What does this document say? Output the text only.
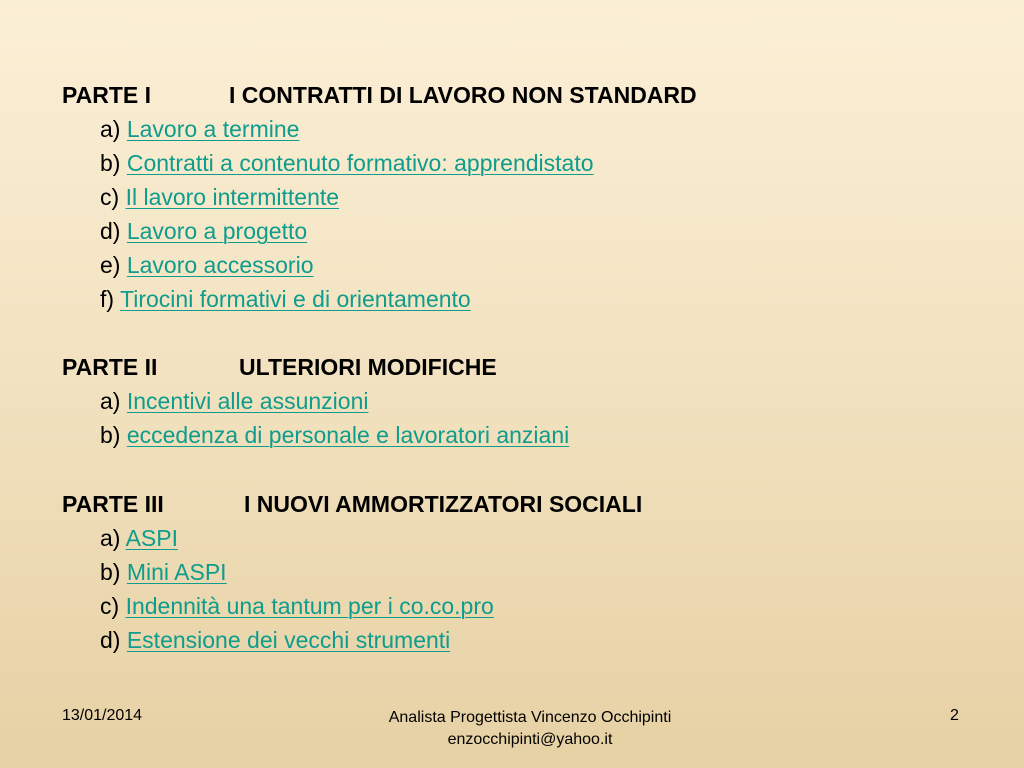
PARTE I	I CONTRATTI DI LAVORO NON STANDARD
a) Lavoro a termine
b) Contratti a contenuto formativo: apprendistato
c) Il lavoro intermittente
d) Lavoro a progetto
e) Lavoro accessorio
f) Tirocini formativi e di orientamento
PARTE II	ULTERIORI MODIFICHE
a) Incentivi alle assunzioni
b) eccedenza di personale e lavoratori anziani
PARTE III	I NUOVI AMMORTIZZATORI SOCIALI
a) ASPI
b) Mini ASPI
c) Indennità una tantum per i co.co.pro
d) Estensione dei vecchi strumenti
13/01/2014	Analista Progettista Vincenzo Occhipinti
enzocchipinti@yahoo.it
2
